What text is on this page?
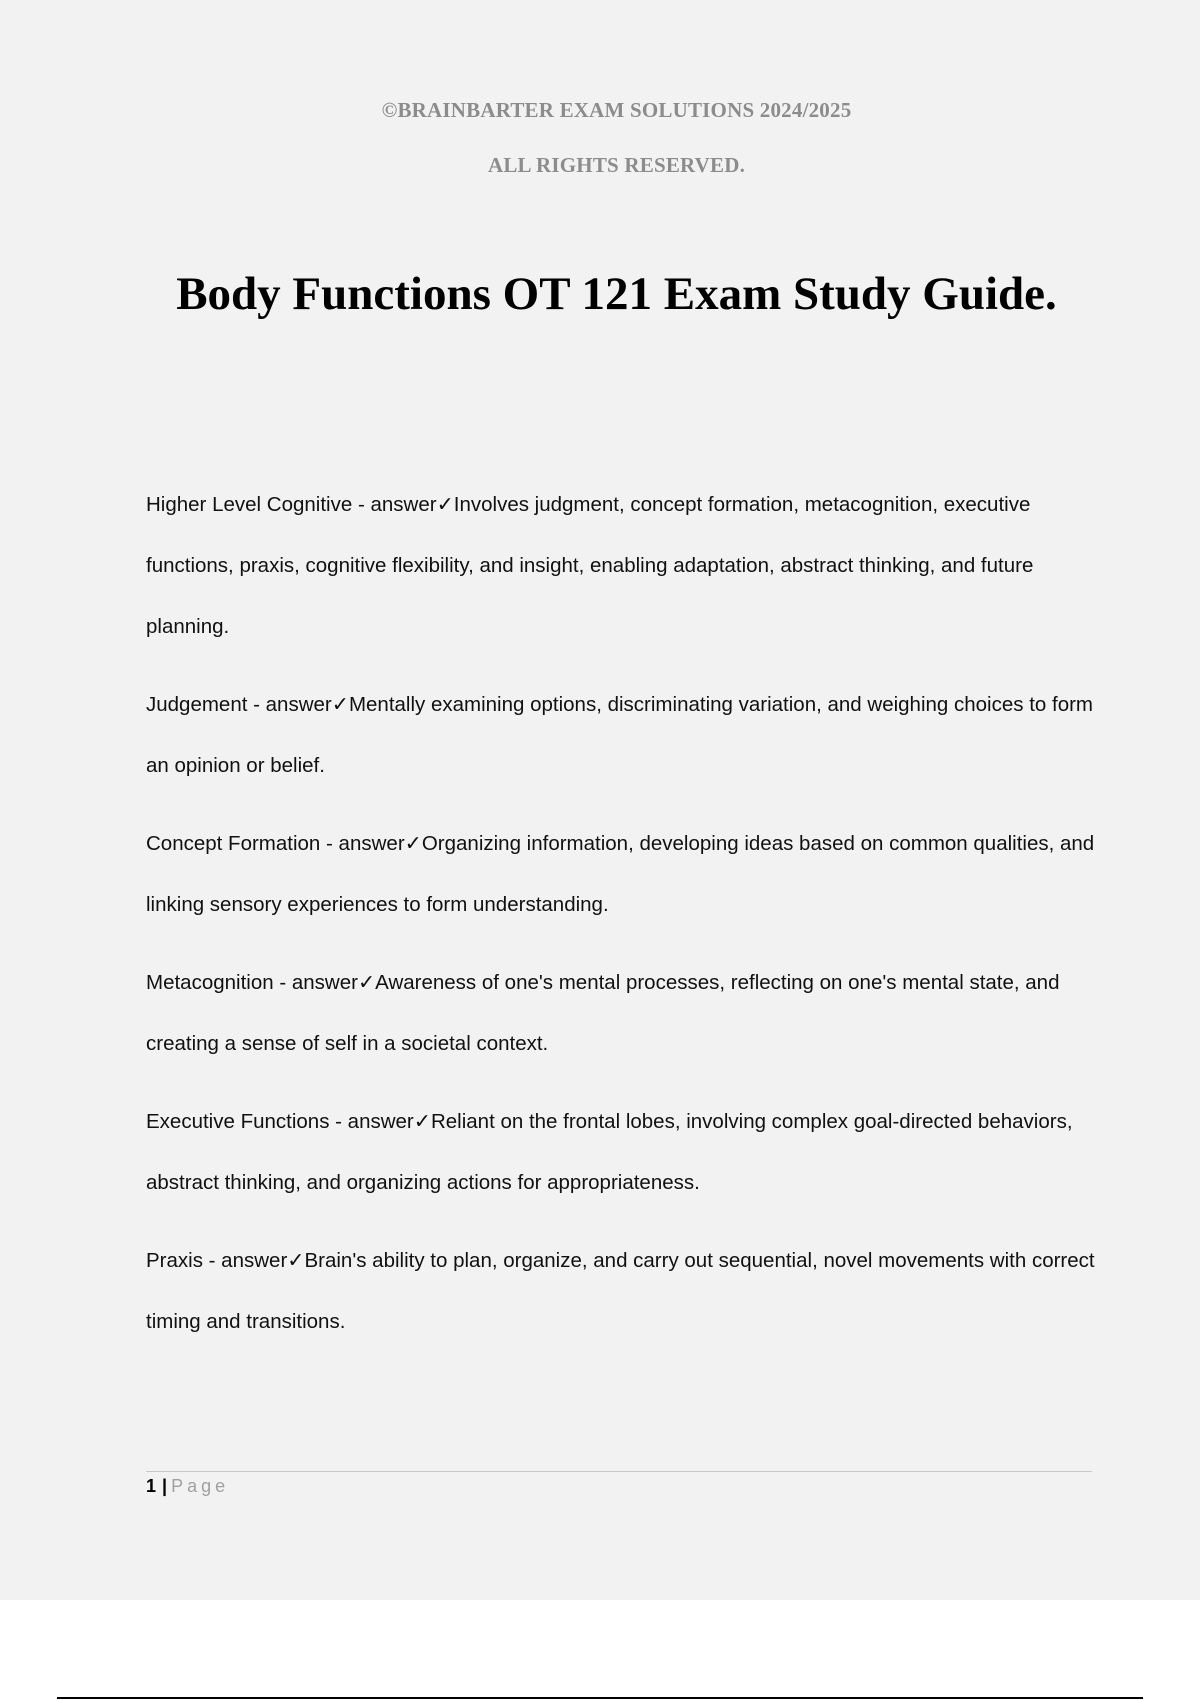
©BRAINBARTER EXAM SOLUTIONS 2024/2025
ALL RIGHTS RESERVED.
Body Functions OT 121 Exam Study Guide.

Higher Level Cognitive - answer✓Involves judgment, concept formation, metacognition, executive functions, praxis, cognitive flexibility, and insight, enabling adaptation, abstract thinking, and future planning.

Judgement - answer✓Mentally examining options, discriminating variation, and weighing choices to form an opinion or belief.

Concept Formation - answer✓Organizing information, developing ideas based on common qualities, and linking sensory experiences to form understanding.

Metacognition - answer✓Awareness of one's mental processes, reflecting on one's mental state, and creating a sense of self in a societal context.

Executive Functions - answer✓Reliant on the frontal lobes, involving complex goal-directed behaviors, abstract thinking, and organizing actions for appropriateness.

Praxis - answer✓Brain's ability to plan, organize, and carry out sequential, novel movements with correct timing and transitions.

1 | Page
